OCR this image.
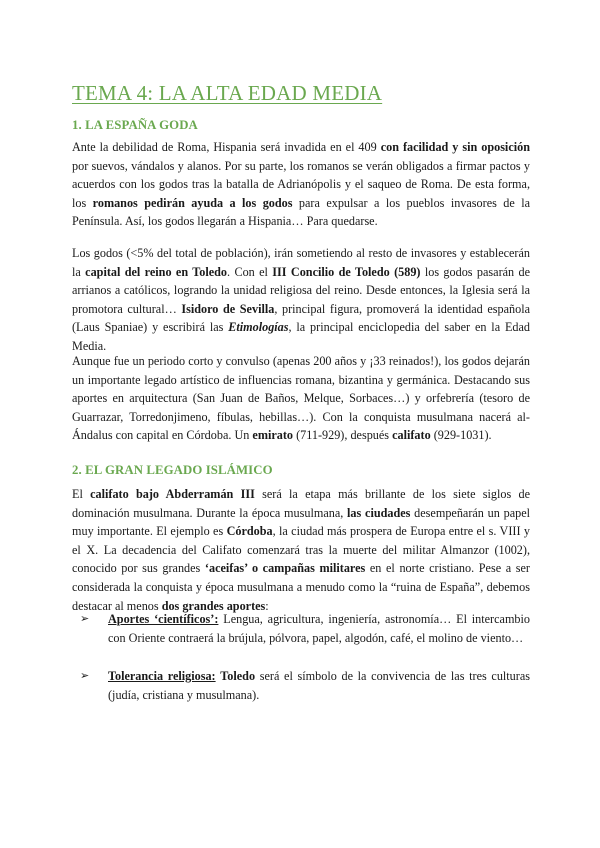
TEMA 4: LA ALTA EDAD MEDIA
1. LA ESPAÑA GODA

Ante la debilidad de Roma, Hispania será invadida en el 409 con facilidad y sin oposición por suevos, vándalos y alanos. Por su parte, los romanos se verán obligados a firmar pactos y acuerdos con los godos tras la batalla de Adrianópolis y el saqueo de Roma. De esta forma, los romanos pedirán ayuda a los godos para expulsar a los pueblos invasores de la Península. Así, los godos llegarán a Hispania… Para quedarse.

Los godos (<5% del total de población), irán sometiendo al resto de invasores y establecerán la capital del reino en Toledo. Con el III Concilio de Toledo (589) los godos pasarán de arrianos a católicos, logrando la unidad religiosa del reino. Desde entonces, la Iglesia será la promotora cultural… Isidoro de Sevilla, principal figura, promoverá la identidad española (Laus Spaniae) y escribirá las Etimologías, la principal enciclopedia del saber en la Edad Media.

Aunque fue un periodo corto y convulso (apenas 200 años y ¡33 reinados!), los godos dejarán un importante legado artístico de influencias romana, bizantina y germánica. Destacando sus aportes en arquitectura (San Juan de Baños, Melque, Sorbaces…) y orfebrería (tesoro de Guarrazar, Torredonjimeno, fíbulas, hebillas…). Con la conquista musulmana nacerá al-Ándalus con capital en Córdoba. Un emirato (711-929), después califato (929-1031).

2. EL GRAN LEGADO ISLÁMICO

El califato bajo Abderramán III será la etapa más brillante de los siete siglos de dominación musulmana. Durante la época musulmana, las ciudades desempeñarán un papel muy importante. El ejemplo es Córdoba, la ciudad más prospera de Europa entre el s. VIII y el X. La decadencia del Califato comenzará tras la muerte del militar Almanzor (1002), conocido por sus grandes ‘aceifas’ o campañas militares en el norte cristiano. Pese a ser considerada la conquista y época musulmana a menudo como la “ruina de España”, debemos destacar al menos dos grandes aportes:

➢	Aportes ‘científicos’: Lengua, agricultura, ingeniería, astronomía… El intercambio con Oriente contraerá la brújula, pólvora, papel, algodón, café, el molino de viento…
➢	Tolerancia religiosa: Toledo será el símbolo de la convivencia de las tres culturas (judía, cristiana y musulmana).
